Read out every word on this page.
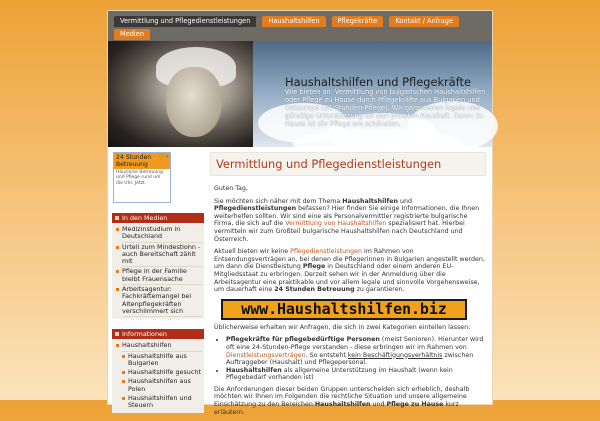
Vermittlung und Pflegedienstleistungen	Haushaltshilfen	Pflegekräfte	Kontakt / Anfrage
Medien
Haushaltshilfen und Pflegekräfte
Wie bieten an: Vermittlung von bulgarischen Haushaltshilfen oder Pflege zu Hause durch Pflegekräfte aus Bulgarien und Osteuropa (24-Stunden-Pflege). Wir garantieren legale und günstige Unterstützung für den privaten Haushalt. Denn: zu Hause ist die Pflege am schönsten.
24 Stunden Betreuung
Häusliche Betreuung und Pflege rund um die Uhr. Jetzt
ⓘ ✕
In den Medien
Medizinstudium in Deutschland
Urteil zum Mindestlohn - auch Bereitschaft zählt mit
Pflege in der Familie bleibt Frauensache
Arbeitsagentur: Fachkräftemangel bei Altenpflegekräften verschlimmert sich
Informationen
Haushaltshilfen
Haushaltshilfe aus Bulgarien
Haushaltshilfe gesucht
Haushaltshilfen aus Polen
Haushaltshilfen und Steuern
Vermittlung und Pflegedienstleistungen

Guten Tag,

Sie möchten sich näher mit dem Thema Haushaltshilfen und Pflegedienstleistungen befassen? Hier finden Sie einige Informationen, die Ihnen weiterhelfen sollten. Wir sind eine als Personalvermittler registrierte bulgarische Firma, die sich auf die Vermittlung von Haushaltshilfen spezialisiert hat. Hierbei vermitteln wir zum Großteil bulgarische Haushaltshilfen nach Deutschland und Österreich.

Aktuell bieten wir keine Pflegedienstleistungen im Rahmen von Entsendungsverträgen an, bei denen die Pflegerinnen in Bulgarien angestellt werden, um dann die Dienstleistung Pflege in Deutschland oder einem anderen EU-Mitgliedsstaat zu erbringen. Derzeit sehen wir in der Anmeldung über die Arbeitsagentur eine praktikable und vor allem legale und sinnvolle Vorgehensweise, um dauerhaft eine 24 Stunden Betreuung zu garantieren.

www.Haushaltshilfen.biz

Üblicherweise erhalten wir Anfragen, die sich in zwei Kategorien einteilen lassen:

• Pflegekräfte für pflegebedürftige Personen (meist Senioren). Hierunter wird oft eine 24-Stunden-Pflege verstanden - diese erbringen wir im Rahmen von Dienstleistungsverträgen. So entsteht kein Beschäftigungsverhältnis zwischen Auftraggeber (Haushalt) und Pflegepersonal.
• Haushaltshilfen als allgemeine Unterstützung im Haushalt (wenn kein Pflegebedarf vorhanden ist)

Die Anforderungen dieser beiden Gruppen unterscheiden sich erheblich, deshalb möchten wir Ihnen im Folgenden die rechtliche Situation und unsere allgemeine Einschätzung zu den Bereichen Haushaltshilfen und Pflege zu Hause kurz erläutern.
